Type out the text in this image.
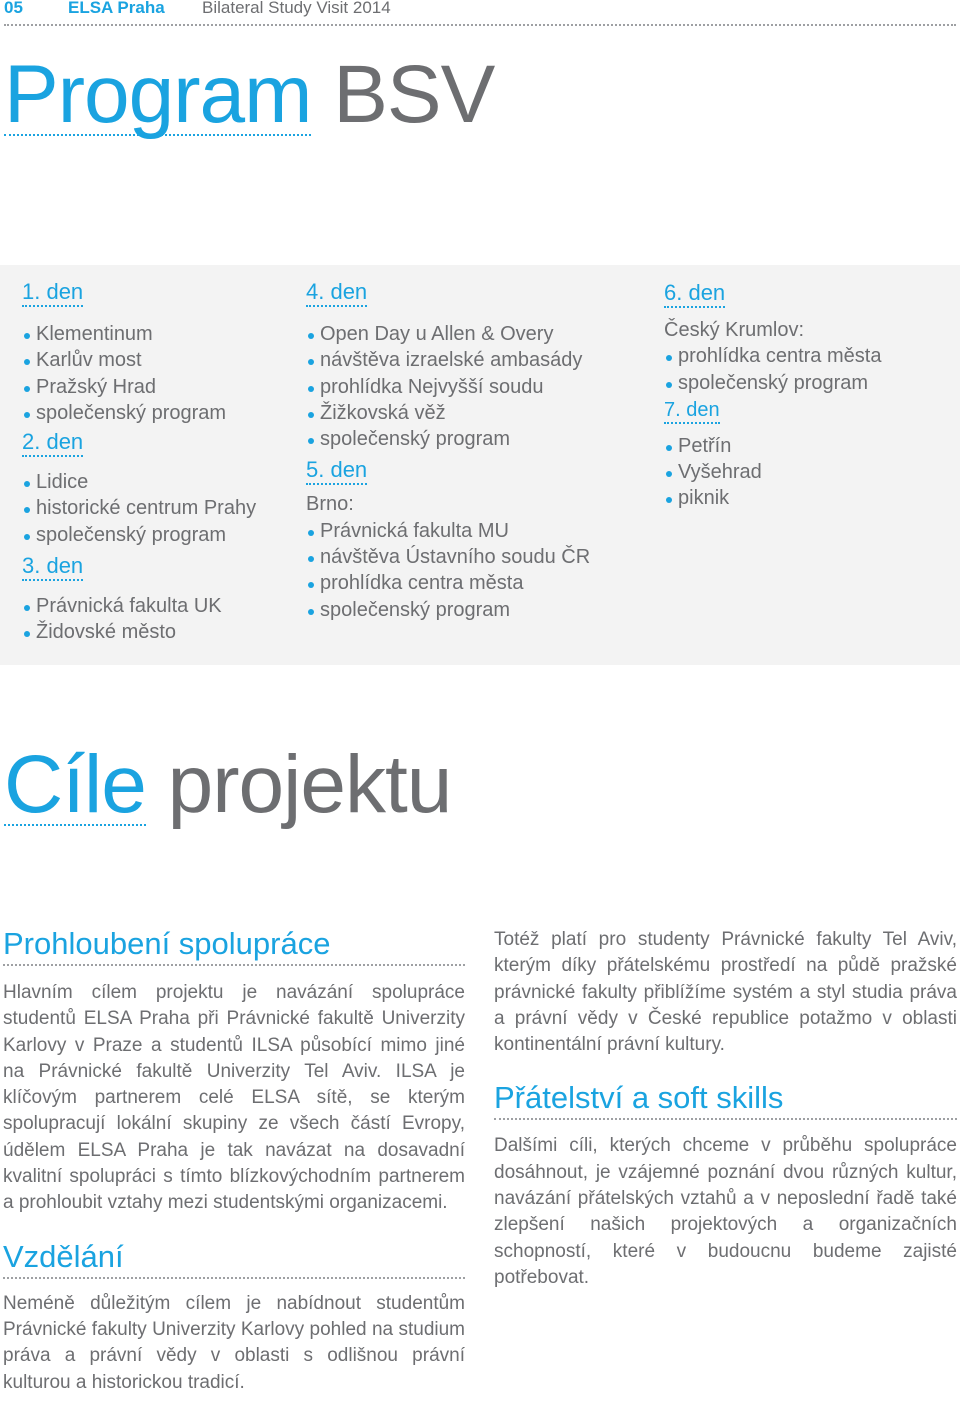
05	ELSA Praha Bilateral Study Visit 2014
Program BSV
1. den
Klementinum
Karlův most
Pražský Hrad
společenský program
2. den
Lidice
historické centrum Prahy
společenský program
3. den
Právnická fakulta UK
Židovské město
4. den
Open Day u Allen & Overy
návštěva izraelské ambasády
prohlídka Nejvyšší soudu
Žižkovská věž
společenský program
5. den
Brno:
Právnická fakulta MU
návštěva Ústavního soudu ČR
prohlídka centra města
společenský program
6. den
Český Krumlov:
prohlídka centra města
společenský program
7. den
Petřín
Vyšehrad
piknik
Cíle projektu
Prohloubení spolupráce

Hlavním cílem projektu je navázání spolupráce studentů ELSA Praha při Právnické fakultě Univerzity Karlovy v Praze a studentů ILSA působící mimo jiné na Právnické fakultě Univerzity Tel Aviv. ILSA je klíčovým partnerem celé ELSA sítě, se kterým spolupracují lokální skupiny ze všech částí Evropy, údělem ELSA Praha je tak navázat na dosavadní kvalitní spolupráci s tímto blízkovýchodním partnerem a prohloubit vztahy mezi studentskými organizacemi.

Vzdělání

Neméně důležitým cílem je nabídnout studentům Právnické fakulty Univerzity Karlovy pohled na studium práva a právní vědy v oblasti s odlišnou právní kulturou a historickou tradicí.

Totéž platí pro studenty Právnické fakulty Tel Aviv, kterým díky přátelskému prostředí na půdě pražské právnické fakulty přiblížíme systém a styl studia práva a právní vědy v České republice potažmo v oblasti kontinentální právní kultury.

Přátelství a soft skills

Dalšími cíli, kterých chceme v průběhu spolupráce dosáhnout, je vzájemné poznání dvou různých kultur, navázání přátelských vztahů a v neposlední řadě také zlepšení našich projektových a organizačních schopností, které v budoucnu budeme zajisté potřebovat.
